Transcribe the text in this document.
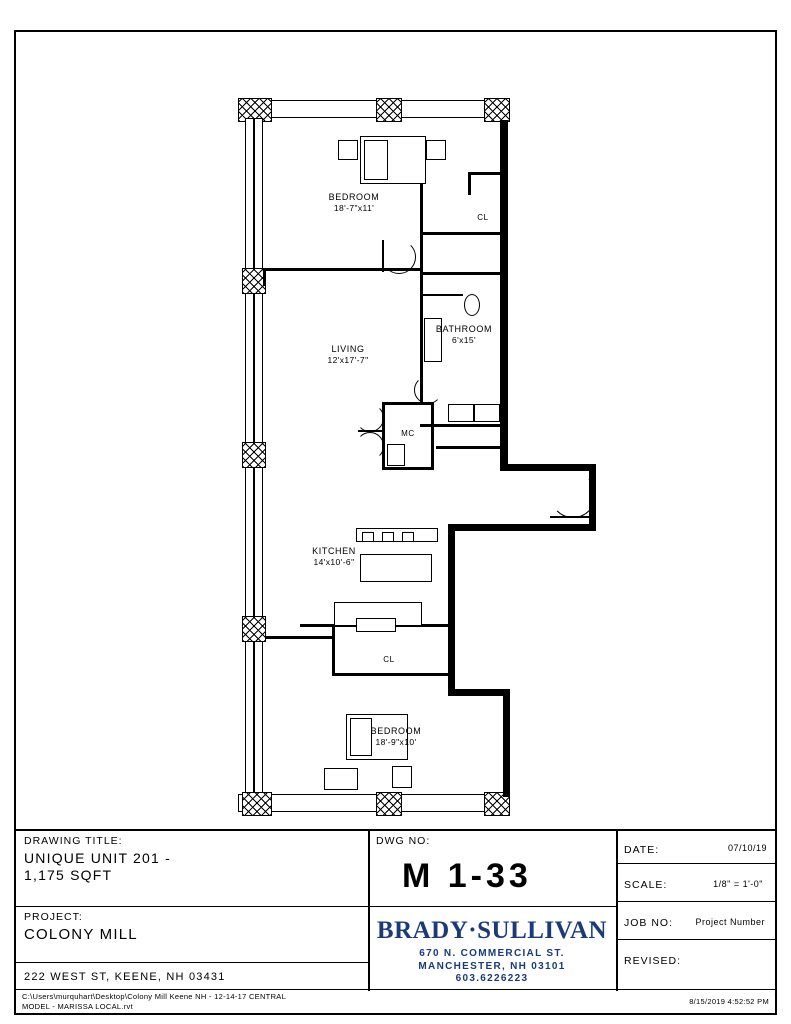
BEDROOM
18'-7"x11'
CL
BATHROOM
6'x15'
LIVING
12'x17'-7"
MC
KITCHEN
14'x10'-6"
CL
BEDROOM
18'-9"x10'
DRAWING TITLE:
UNIQUE UNIT 201 -
1,175 SQFT
PROJECT:
COLONY MILL
222 WEST ST, KEENE, NH 03431
DWG NO:
M 1-33
BRADY·SULLIVAN
670 N. COMMERCIAL ST.
MANCHESTER, NH 03101
603.6226223
DATE:	07/10/19
SCALE:	1/8" = 1'-0"
JOB NO: Project Number
REVISED:
C:\Users\murquhart\Desktop\Colony Mill Keene NH - 12-14-17 CENTRAL
MODEL - MARISSA LOCAL.rvt	8/15/2019 4:52:52 PM
